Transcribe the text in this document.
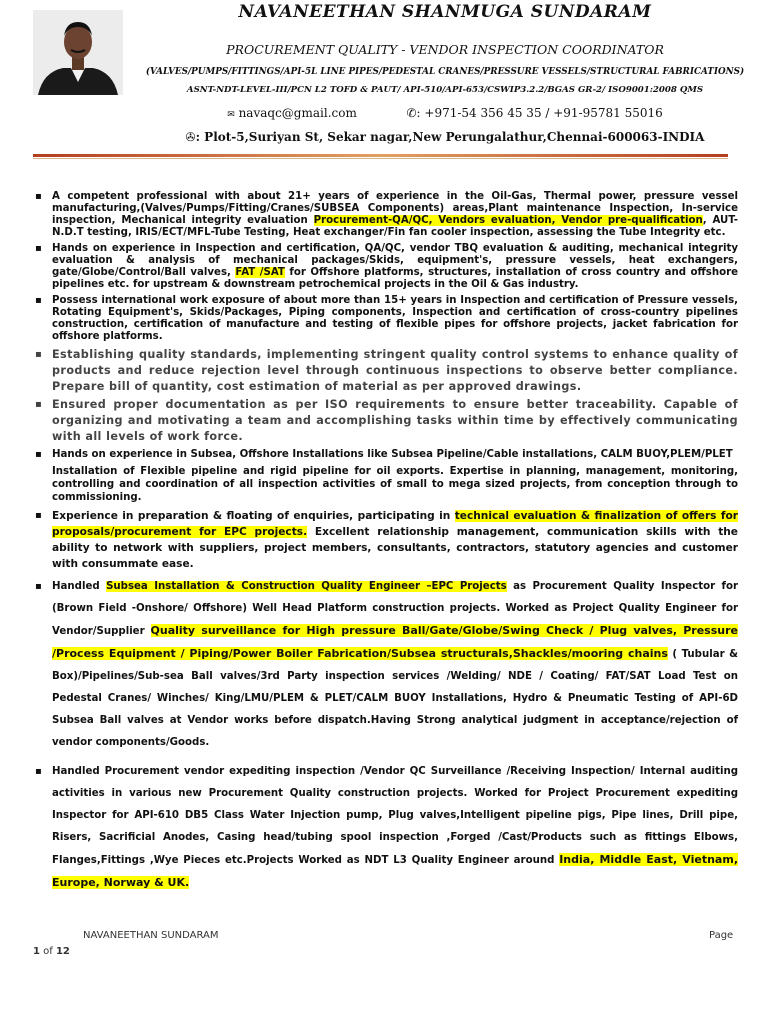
NAVANEETHAN SHANMUGA SUNDARAM
PROCUREMENT QUALITY - VENDOR INSPECTION COORDINATOR
(VALVES/PUMPS/FITTINGS/API-5L LINE PIPES/PEDESTAL CRANES/PRESSURE VESSELS/STRUCTURAL FABRICATIONS)
ASNT-NDT-LEVEL-III/PCN L2 TOFD & PAUT/ API-510/API-653/CSWIP3.2.2/BGAS GR-2/ ISO9001:2008 QMS
✉ navaqc@gmail.com	✆: +971-54 356 45 35 / +91-95781 55016
✇: Plot-5,Suriyan St, Sekar nagar,New Perungalathur,Chennai-600063-INDIA
▪ A competent professional with about 21+ years of experience in the Oil-Gas, Thermal power, pressure vessel manufacturing,(Valves/Pumps/Fitting/Cranes/SUBSEA Components) areas,Plant maintenance Inspection, In-service inspection, Mechanical integrity evaluation Procurement-QA/QC, Vendors evaluation, Vendor pre-qualification, AUT-N.D.T testing, IRIS/ECT/MFL-Tube Testing, Heat exchanger/Fin fan cooler inspection, assessing the Tube Integrity etc.
▪ Hands on experience in Inspection and certification, QA/QC, vendor TBQ evaluation & auditing, mechanical integrity evaluation & analysis of mechanical packages/Skids, equipment's, pressure vessels, heat exchangers, gate/Globe/Control/Ball valves, FAT /SAT for Offshore platforms, structures, installation of cross country and offshore pipelines etc. for upstream & downstream petrochemical projects in the Oil & Gas industry.
▪ Possess international work exposure of about more than 15+ years in Inspection and certification of Pressure vessels, Rotating Equipment's, Skids/Packages, Piping components, Inspection and certification of cross-country pipelines construction, certification of manufacture and testing of flexible pipes for offshore projects, jacket fabrication for offshore platforms.
▪ Establishing quality standards, implementing stringent quality control systems to enhance quality of products and reduce rejection level through continuous inspections to observe better compliance. Prepare bill of quantity, cost estimation of material as per approved drawings.
▪ Ensured proper documentation as per ISO requirements to ensure better traceability. Capable of organizing and motivating a team and accomplishing tasks within time by effectively communicating with all levels of work force.
▪ Hands on experience in Subsea, Offshore Installations like Subsea Pipeline/Cable installations, CALM BUOY,PLEM/PLET
Installation of Flexible pipeline and rigid pipeline for oil exports. Expertise in planning, management, monitoring, controlling and coordination of all inspection activities of small to mega sized projects, from conception through to commissioning.
▪ Experience in preparation & floating of enquiries, participating in technical evaluation & finalization of offers for proposals/procurement for EPC projects. Excellent relationship management, communication skills with the ability to network with suppliers, project members, consultants, contractors, statutory agencies and customer with consummate ease.
▪ Handled Subsea Installation & Construction Quality Engineer –EPC Projects as Procurement Quality Inspector for (Brown Field -Onshore/ Offshore) Well Head Platform construction projects. Worked as Project Quality Engineer for Vendor/Supplier Quality surveillance for High pressure Ball/Gate/Globe/Swing Check / Plug valves, Pressure /Process Equipment / Piping/Power Boiler Fabrication/Subsea structurals,Shackles/mooring chains ( Tubular & Box)/Pipelines/Sub-sea Ball valves/3rd Party inspection services /Welding/ NDE / Coating/ FAT/SAT Load Test on Pedestal Cranes/ Winches/ King/LMU/PLEM & PLET/CALM BUOY Installations, Hydro & Pneumatic Testing of API-6D Subsea Ball valves at Vendor works before dispatch.Having Strong analytical judgment in acceptance/rejection of vendor components/Goods.
▪ Handled Procurement vendor expediting inspection /Vendor QC Surveillance /Receiving Inspection/ Internal auditing activities in various new Procurement Quality construction projects. Worked for Project Procurement expediting Inspector for API-610 DB5 Class Water Injection pump, Plug valves,Intelligent pipeline pigs, Pipe lines, Drill pipe, Risers, Sacrificial Anodes, Casing head/tubing spool inspection ,Forged /Cast/Products such as fittings Elbows, Flanges,Fittings ,Wye Pieces etc.Projects Worked as NDT L3 Quality Engineer around India, Middle East, Vietnam, Europe, Norway & UK.
NAVANEETHAN SUNDARAM	Page
1 of 12
